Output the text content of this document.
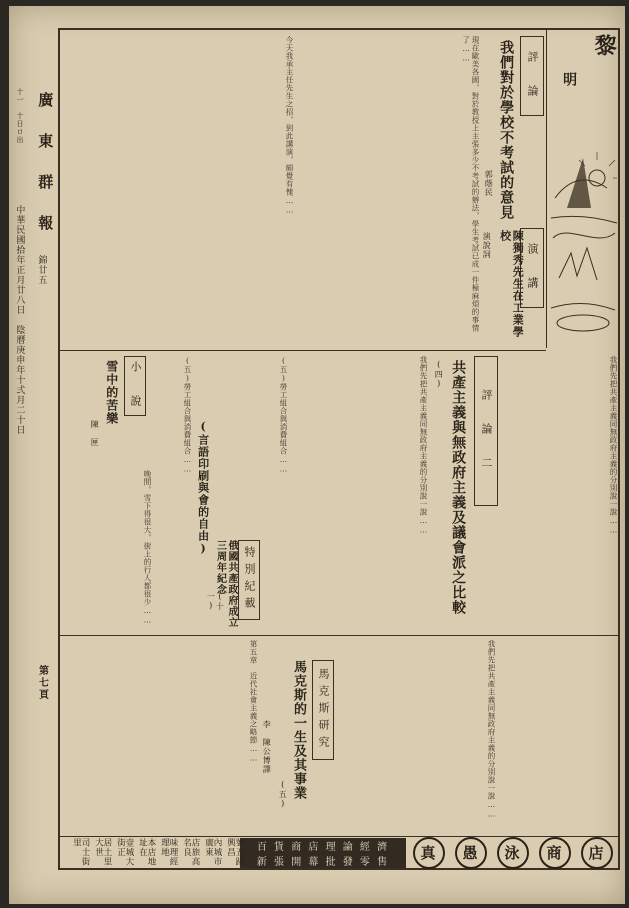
廣 東 群 報
中華民國拾年正月廿八日　陰曆庚申年十弍月二十日 錦廿五
十一　十日ロ出
第七頁
黎
明
評　論
我們對於學校不考試的意見
郭蔭民
現在歐美各國，對於教授上主張多少不考試的辦法，學生考試已成一件極麻煩的事情了……
演　講
陳獨秀先生在工業學校
演說詞
今天我承主任先生之招，到此講演，頗覺有愧……
評　論　二
共產主義與無政府主義及議會派之比較
(四)	我們先把共產主義同無政府主義的分別說一說……
我們先把共產主義同無政府主義的分別說一說……
小　說
雪中的苦樂
陳　匣
晚間，雪下得很大，街上的行人都很少……	(言語印刷與會的自由)
(五)勞工組合與消費組合……
特別紀載
俄國共產政府成立三周年紀念
(十一)
(五)勞工組合與消費組合……
馬克斯研究
馬克斯的一生及其事業
(五)
李　陳公博譯
第五章　近代社會主義之略節……	我們先把共產主義同無政府主義的分別說一說……
真	愚	泳	商	店
百 貨 商 店 理 論 經 濟
新 張 開 幕 批 發 零 售
號五路興昌
內城市廣東
店旅高名良
味理經理地
本店地址在
壹城大街正
居土里大世
司士街里
